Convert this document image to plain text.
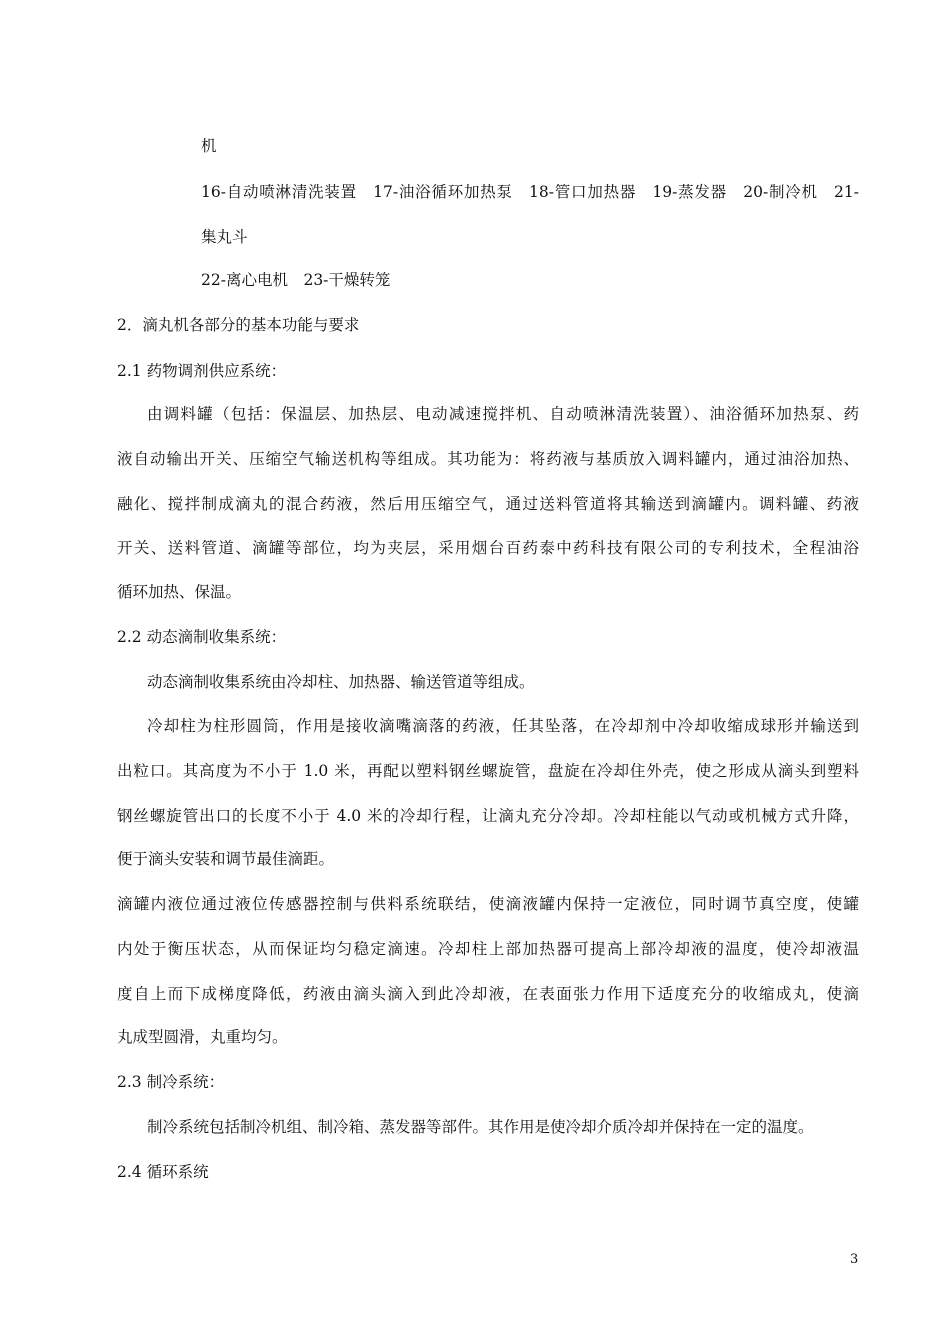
机
16-自动喷淋清洗装置　17-油浴循环加热泵　18-管口加热器　19-蒸发器　20-制冷机　21-
集丸斗
22-离心电机　23-干燥转笼
2．滴丸机各部分的基本功能与要求
2.1 药物调剂供应系统：
由调料罐（包括：保温层、加热层、电动减速搅拌机、自动喷淋清洗装置）、油浴循环加热泵、药
液自动输出开关、压缩空气输送机构等组成。其功能为：将药液与基质放入调料罐内，通过油浴加热、
融化、搅拌制成滴丸的混合药液，然后用压缩空气，通过送料管道将其输送到滴罐内。调料罐、药液
开关、送料管道、滴罐等部位，均为夹层，采用烟台百药泰中药科技有限公司的专利技术，全程油浴
循环加热、保温。
2.2 动态滴制收集系统：
动态滴制收集系统由冷却柱、加热器、输送管道等组成。
冷却柱为柱形圆筒，作用是接收滴嘴滴落的药液，任其坠落，在冷却剂中冷却收缩成球形并输送到
出粒口。其高度为不小于 1.0 米，再配以塑料钢丝螺旋管，盘旋在冷却住外壳，使之形成从滴头到塑料
钢丝螺旋管出口的长度不小于 4.0 米的冷却行程，让滴丸充分冷却。冷却柱能以气动或机械方式升降，
便于滴头安装和调节最佳滴距。
滴罐内液位通过液位传感器控制与供料系统联结，使滴液罐内保持一定液位，同时调节真空度，使罐
内处于衡压状态，从而保证均匀稳定滴速。冷却柱上部加热器可提高上部冷却液的温度，使冷却液温
度自上而下成梯度降低，药液由滴头滴入到此冷却液，在表面张力作用下适度充分的收缩成丸，使滴
丸成型圆滑，丸重均匀。
2.3 制冷系统：
制冷系统包括制冷机组、制冷箱、蒸发器等部件。其作用是使冷却介质冷却并保持在一定的温度。
2.4 循环系统
3
